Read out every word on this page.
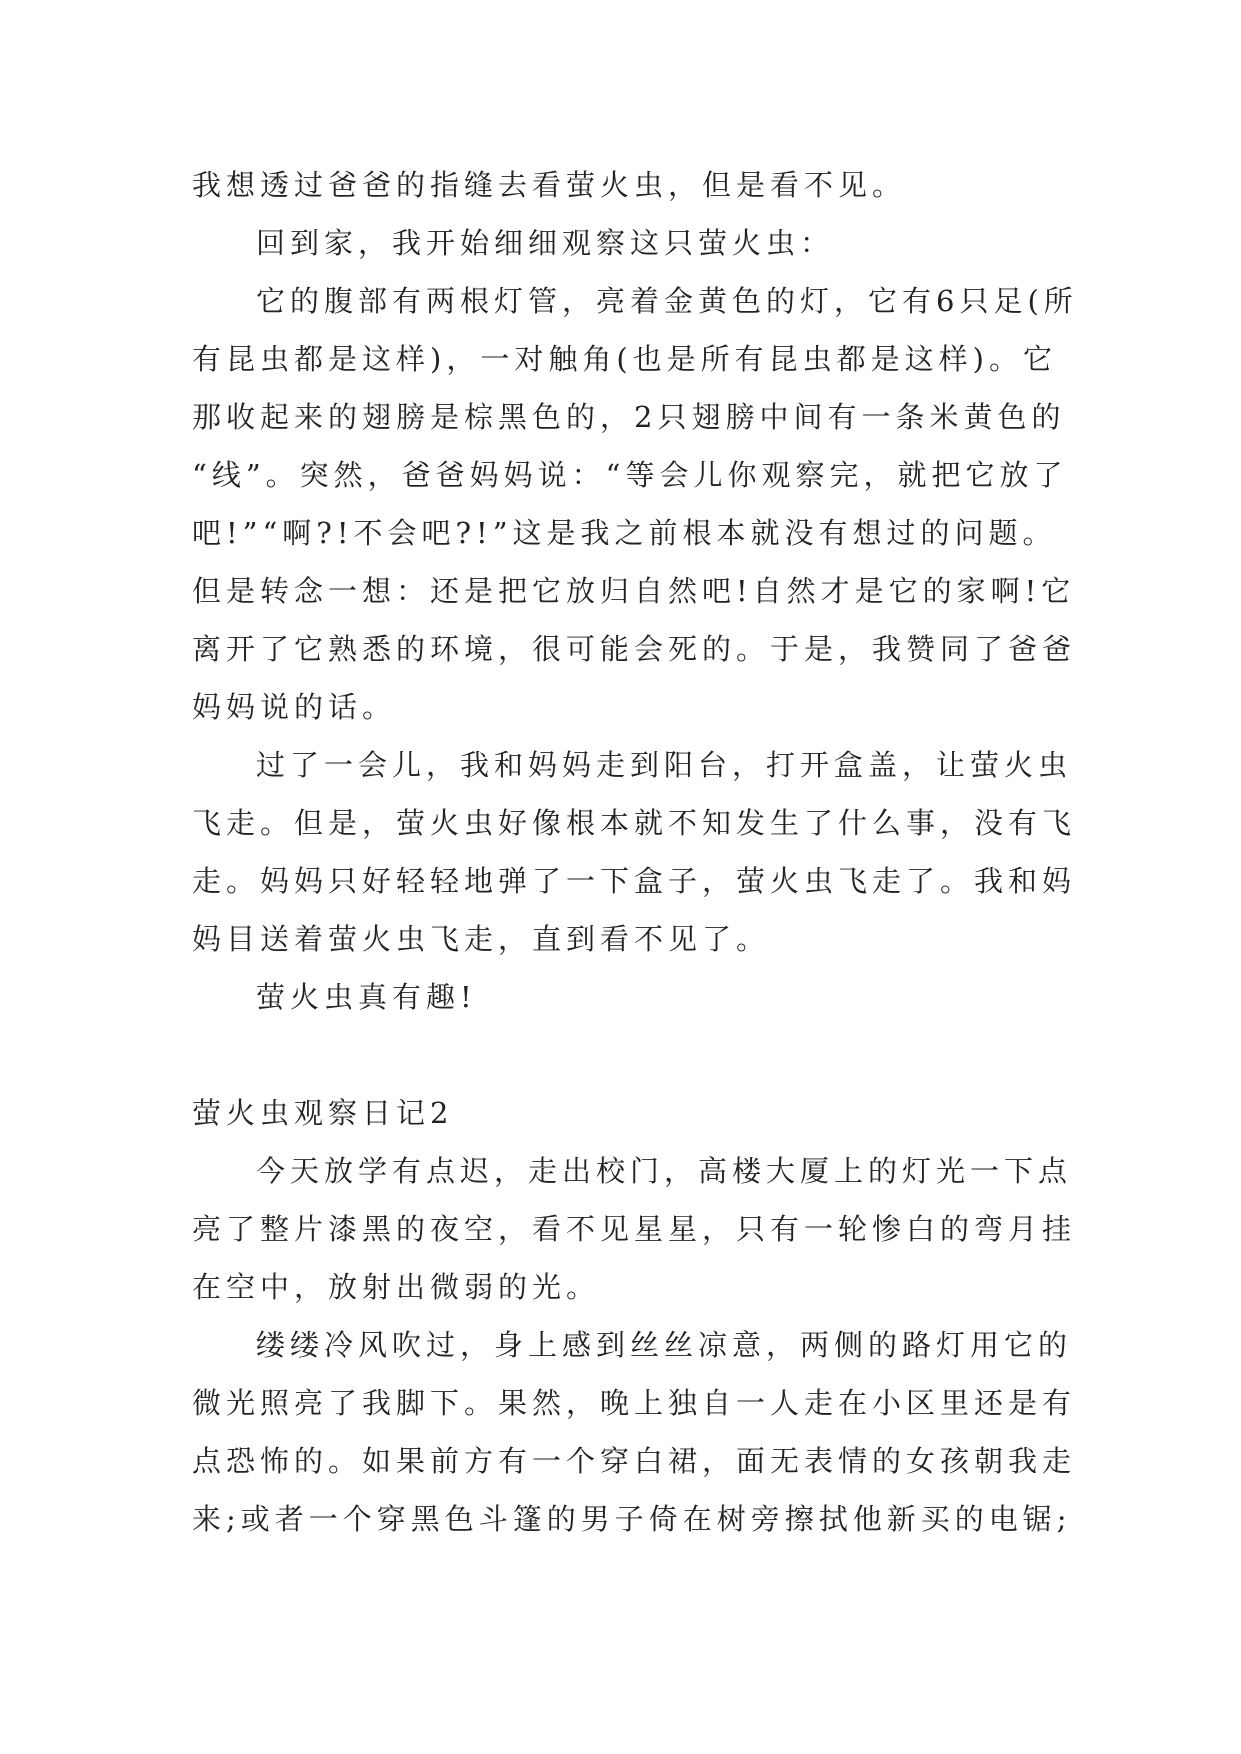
我想透过爸爸的指缝去看萤火虫，但是看不见。
回到家，我开始细细观察这只萤火虫：
它的腹部有两根灯管，亮着金黄色的灯，它有6只足(所
有昆虫都是这样)，一对触角(也是所有昆虫都是这样)。它
那收起来的翅膀是棕黑色的，2只翅膀中间有一条米黄色的
“线”。突然，爸爸妈妈说：“等会儿你观察完，就把它放了
吧!”“啊?!不会吧?!”这是我之前根本就没有想过的问题。
但是转念一想：还是把它放归自然吧!自然才是它的家啊!它
离开了它熟悉的环境，很可能会死的。于是，我赞同了爸爸
妈妈说的话。
过了一会儿，我和妈妈走到阳台，打开盒盖，让萤火虫
飞走。但是，萤火虫好像根本就不知发生了什么事，没有飞
走。妈妈只好轻轻地弹了一下盒子，萤火虫飞走了。我和妈
妈目送着萤火虫飞走，直到看不见了。
萤火虫真有趣!
萤火虫观察日记2
今天放学有点迟，走出校门，高楼大厦上的灯光一下点
亮了整片漆黑的夜空，看不见星星，只有一轮惨白的弯月挂
在空中，放射出微弱的光。
缕缕冷风吹过，身上感到丝丝凉意，两侧的路灯用它的
微光照亮了我脚下。果然，晚上独自一人走在小区里还是有
点恐怖的。如果前方有一个穿白裙，面无表情的女孩朝我走
来;或者一个穿黑色斗篷的男子倚在树旁擦拭他新买的电锯;
